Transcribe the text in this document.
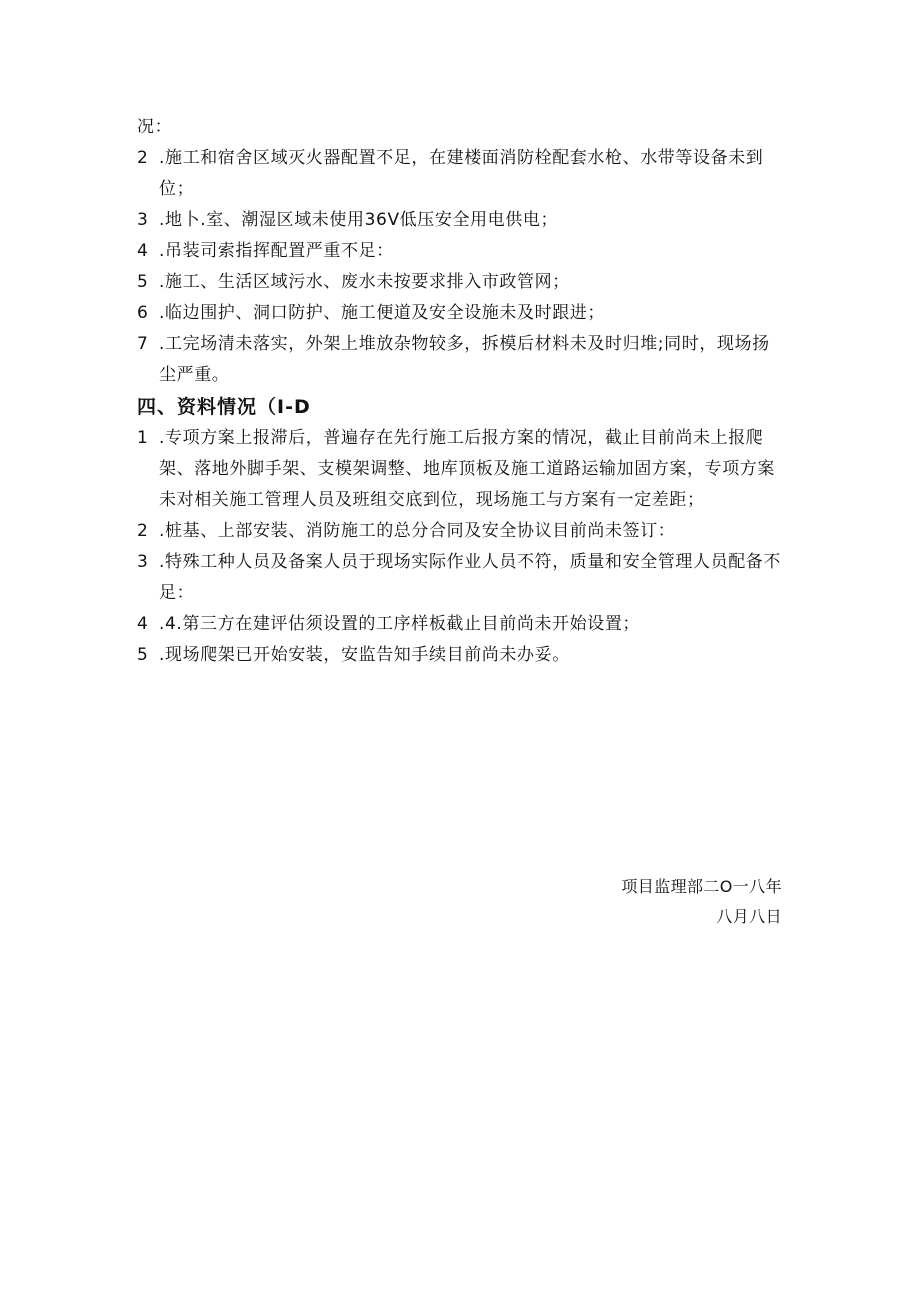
况：

2 .施工和宿舍区域灭火器配置不足，在建楼面消防栓配套水枪、水带等设备未到位；
3 .地卜.室、潮湿区域未使用36V低压安全用电供电；
4 .吊装司索指挥配置严重不足：
5 .施工、生活区域污水、废水未按要求排入市政管网；
6 .临边围护、洞口防护、施工便道及安全设施未及时跟进；
7 .工完场清未落实，外架上堆放杂物较多，拆模后材料未及时归堆;同时，现场扬尘严重。

四、资料情况（I-D

1 .专项方案上报滞后，普遍存在先行施工后报方案的情况，截止目前尚未上报爬架、落地外脚手架、支模架调整、地库顶板及施工道路运输加固方案，专项方案未对相关施工管理人员及班组交底到位，现场施工与方案有一定差距；
2 .桩基、上部安装、消防施工的总分合同及安全协议目前尚未签订：
3 .特殊工种人员及备案人员于现场实际作业人员不符，质量和安全管理人员配备不足：
4 .4.第三方在建评估须设置的工序样板截止目前尚未开始设置；
5 .现场爬架已开始安装，安监告知手续目前尚未办妥。
项目监理部二O一八年
八月八日
